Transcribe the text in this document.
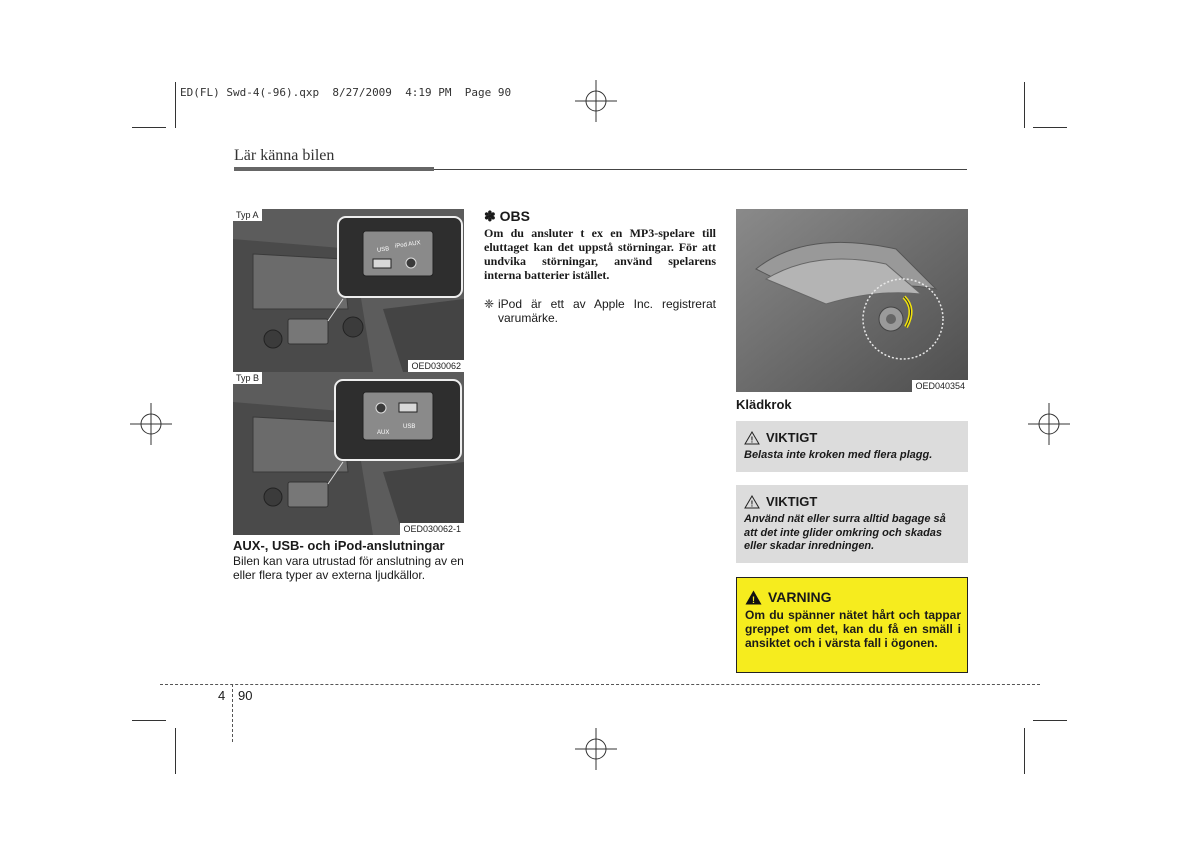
ED(FL) Swd-4(-96).qxp 8/27/2009 4:19 PM Page 90
Lär känna bilen
USB
iPod AUX
Typ A
OED030062
AUX
USB
Typ B
OED030062-1
AUX-, USB- och iPod-anslutningar
Bilen kan vara utrustad för anslutning av en eller flera typer av externa ljudkällor.
✽ OBS
Om du ansluter t ex en MP3-spelare till eluttaget kan det uppstå störningar. För att undvika störningar, använd spelarens interna batterier istället.
❈ iPod är ett av Apple Inc. registrerat varumärke.
OED040354
Klädkrok
! VIKTIGT
Belasta inte kroken med flera plagg.
! VIKTIGT
Använd nät eller surra alltid bagage så att det inte glider omkring och skadas eller skadar inredningen.
! VARNING
Om du spänner nätet hårt och tappar greppet om det, kan du få en smäll i ansiktet och i värsta fall i ögonen.
4 90
